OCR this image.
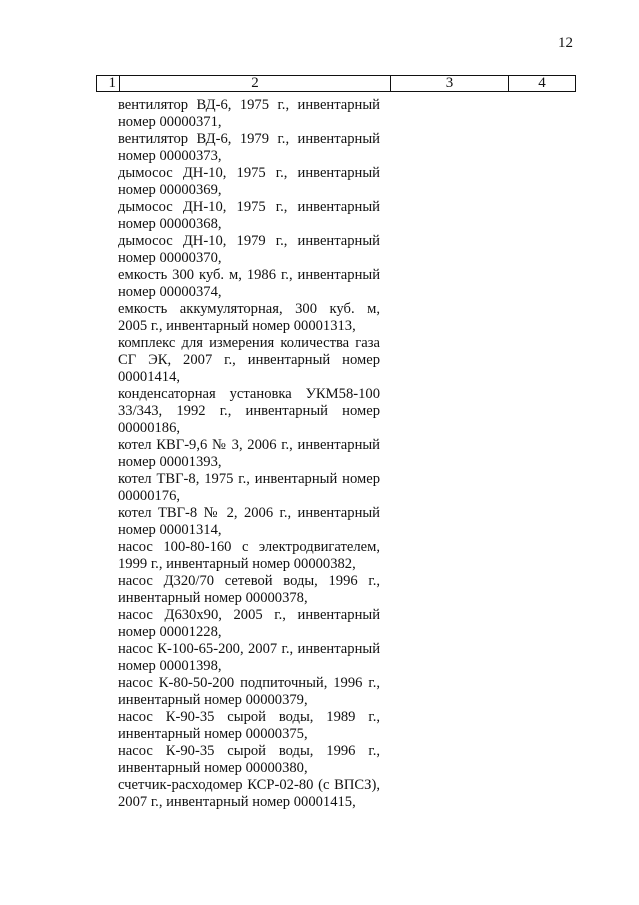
12
1	2	3	4
вентилятор ВД-6, 1975 г., инвентарный
номер 00000371,
вентилятор ВД-6, 1979 г., инвентарный
номер 00000373,
дымосос ДН-10, 1975 г., инвентарный
номер 00000369,
дымосос ДН-10, 1975 г., инвентарный
номер 00000368,
дымосос ДН-10, 1979 г., инвентарный
номер 00000370,
емкость 300 куб. м, 1986 г., инвентарный
номер 00000374,
емкость аккумуляторная, 300 куб. м,
2005 г., инвентарный номер 00001313,
комплекс для измерения количества газа
СГ ЭК, 2007 г., инвентарный номер
00001414,
конденсаторная установка УКМ58-100
33/343, 1992 г., инвентарный номер
00000186,
котел КВГ-9,6 № 3, 2006 г., инвентарный
номер 00001393,
котел ТВГ-8, 1975 г., инвентарный номер
00000176,
котел ТВГ-8 № 2, 2006 г., инвентарный
номер 00001314,
насос 100-80-160 с электродвигателем,
1999 г., инвентарный номер 00000382,
насос Д320/70 сетевой воды, 1996 г.,
инвентарный номер 00000378,
насос Д630х90, 2005 г., инвентарный
номер 00001228,
насос К-100-65-200, 2007 г., инвентарный
номер 00001398,
насос К-80-50-200 подпиточный, 1996 г.,
инвентарный номер 00000379,
насос К-90-35 сырой воды, 1989 г.,
инвентарный номер 00000375,
насос К-90-35 сырой воды, 1996 г.,
инвентарный номер 00000380,
счетчик-расходомер КСР-02-80 (с ВПСЗ),
2007 г., инвентарный номер 00001415,
